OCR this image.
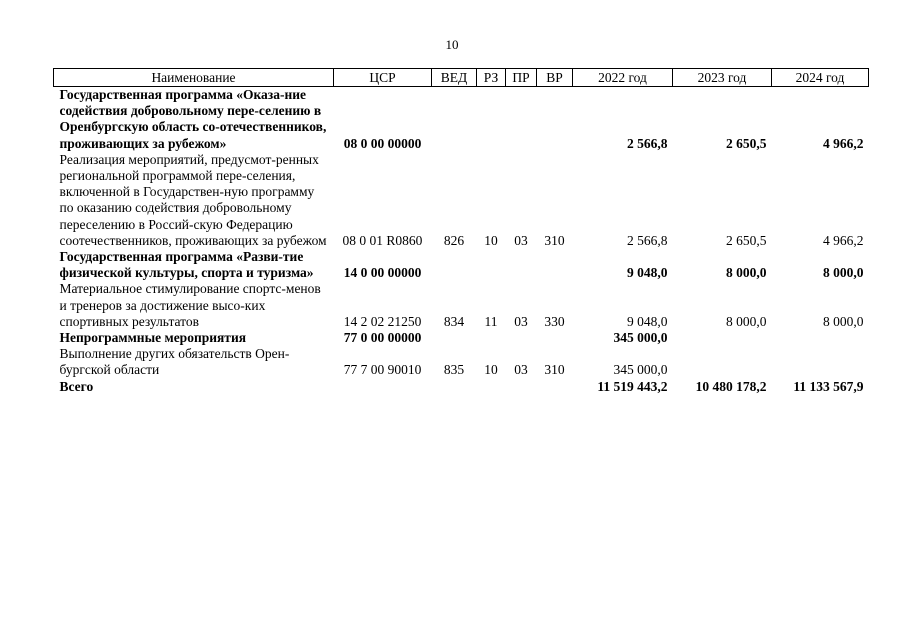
10
Наименование	ЦСР	ВЕД	РЗ	ПР	ВР	2022 год	2023 год	2024 год
Государственная программа «Оказа-ние содействия добровольному пере-селению в Оренбургскую область со-отечественников, проживающих за рубежом»	08 0 00 00000					2 566,8	2 650,5	4 966,2
Реализация мероприятий, предусмот-ренных региональной программой пере-селения, включенной в Государствен-ную программу по оказанию содействия добровольному переселению в Россий-скую Федерацию соотечественников, проживающих за рубежом	08 0 01 R0860	826	10	03	310	2 566,8	2 650,5	4 966,2
Государственная программа «Разви-тие физической культуры, спорта и туризма»	14 0 00 00000					9 048,0	8 000,0	8 000,0
Материальное стимулирование спортс-менов и тренеров за достижение высо-ких спортивных результатов	14 2 02 21250	834	11	03	330	9 048,0	8 000,0	8 000,0
Непрограммные мероприятия	77 0 00 00000					345 000,0		
Выполнение других обязательств Орен-бургской области	77 7 00 90010	835	10	03	310	345 000,0		
Всего						11 519 443,2	10 480 178,2	11 133 567,9
